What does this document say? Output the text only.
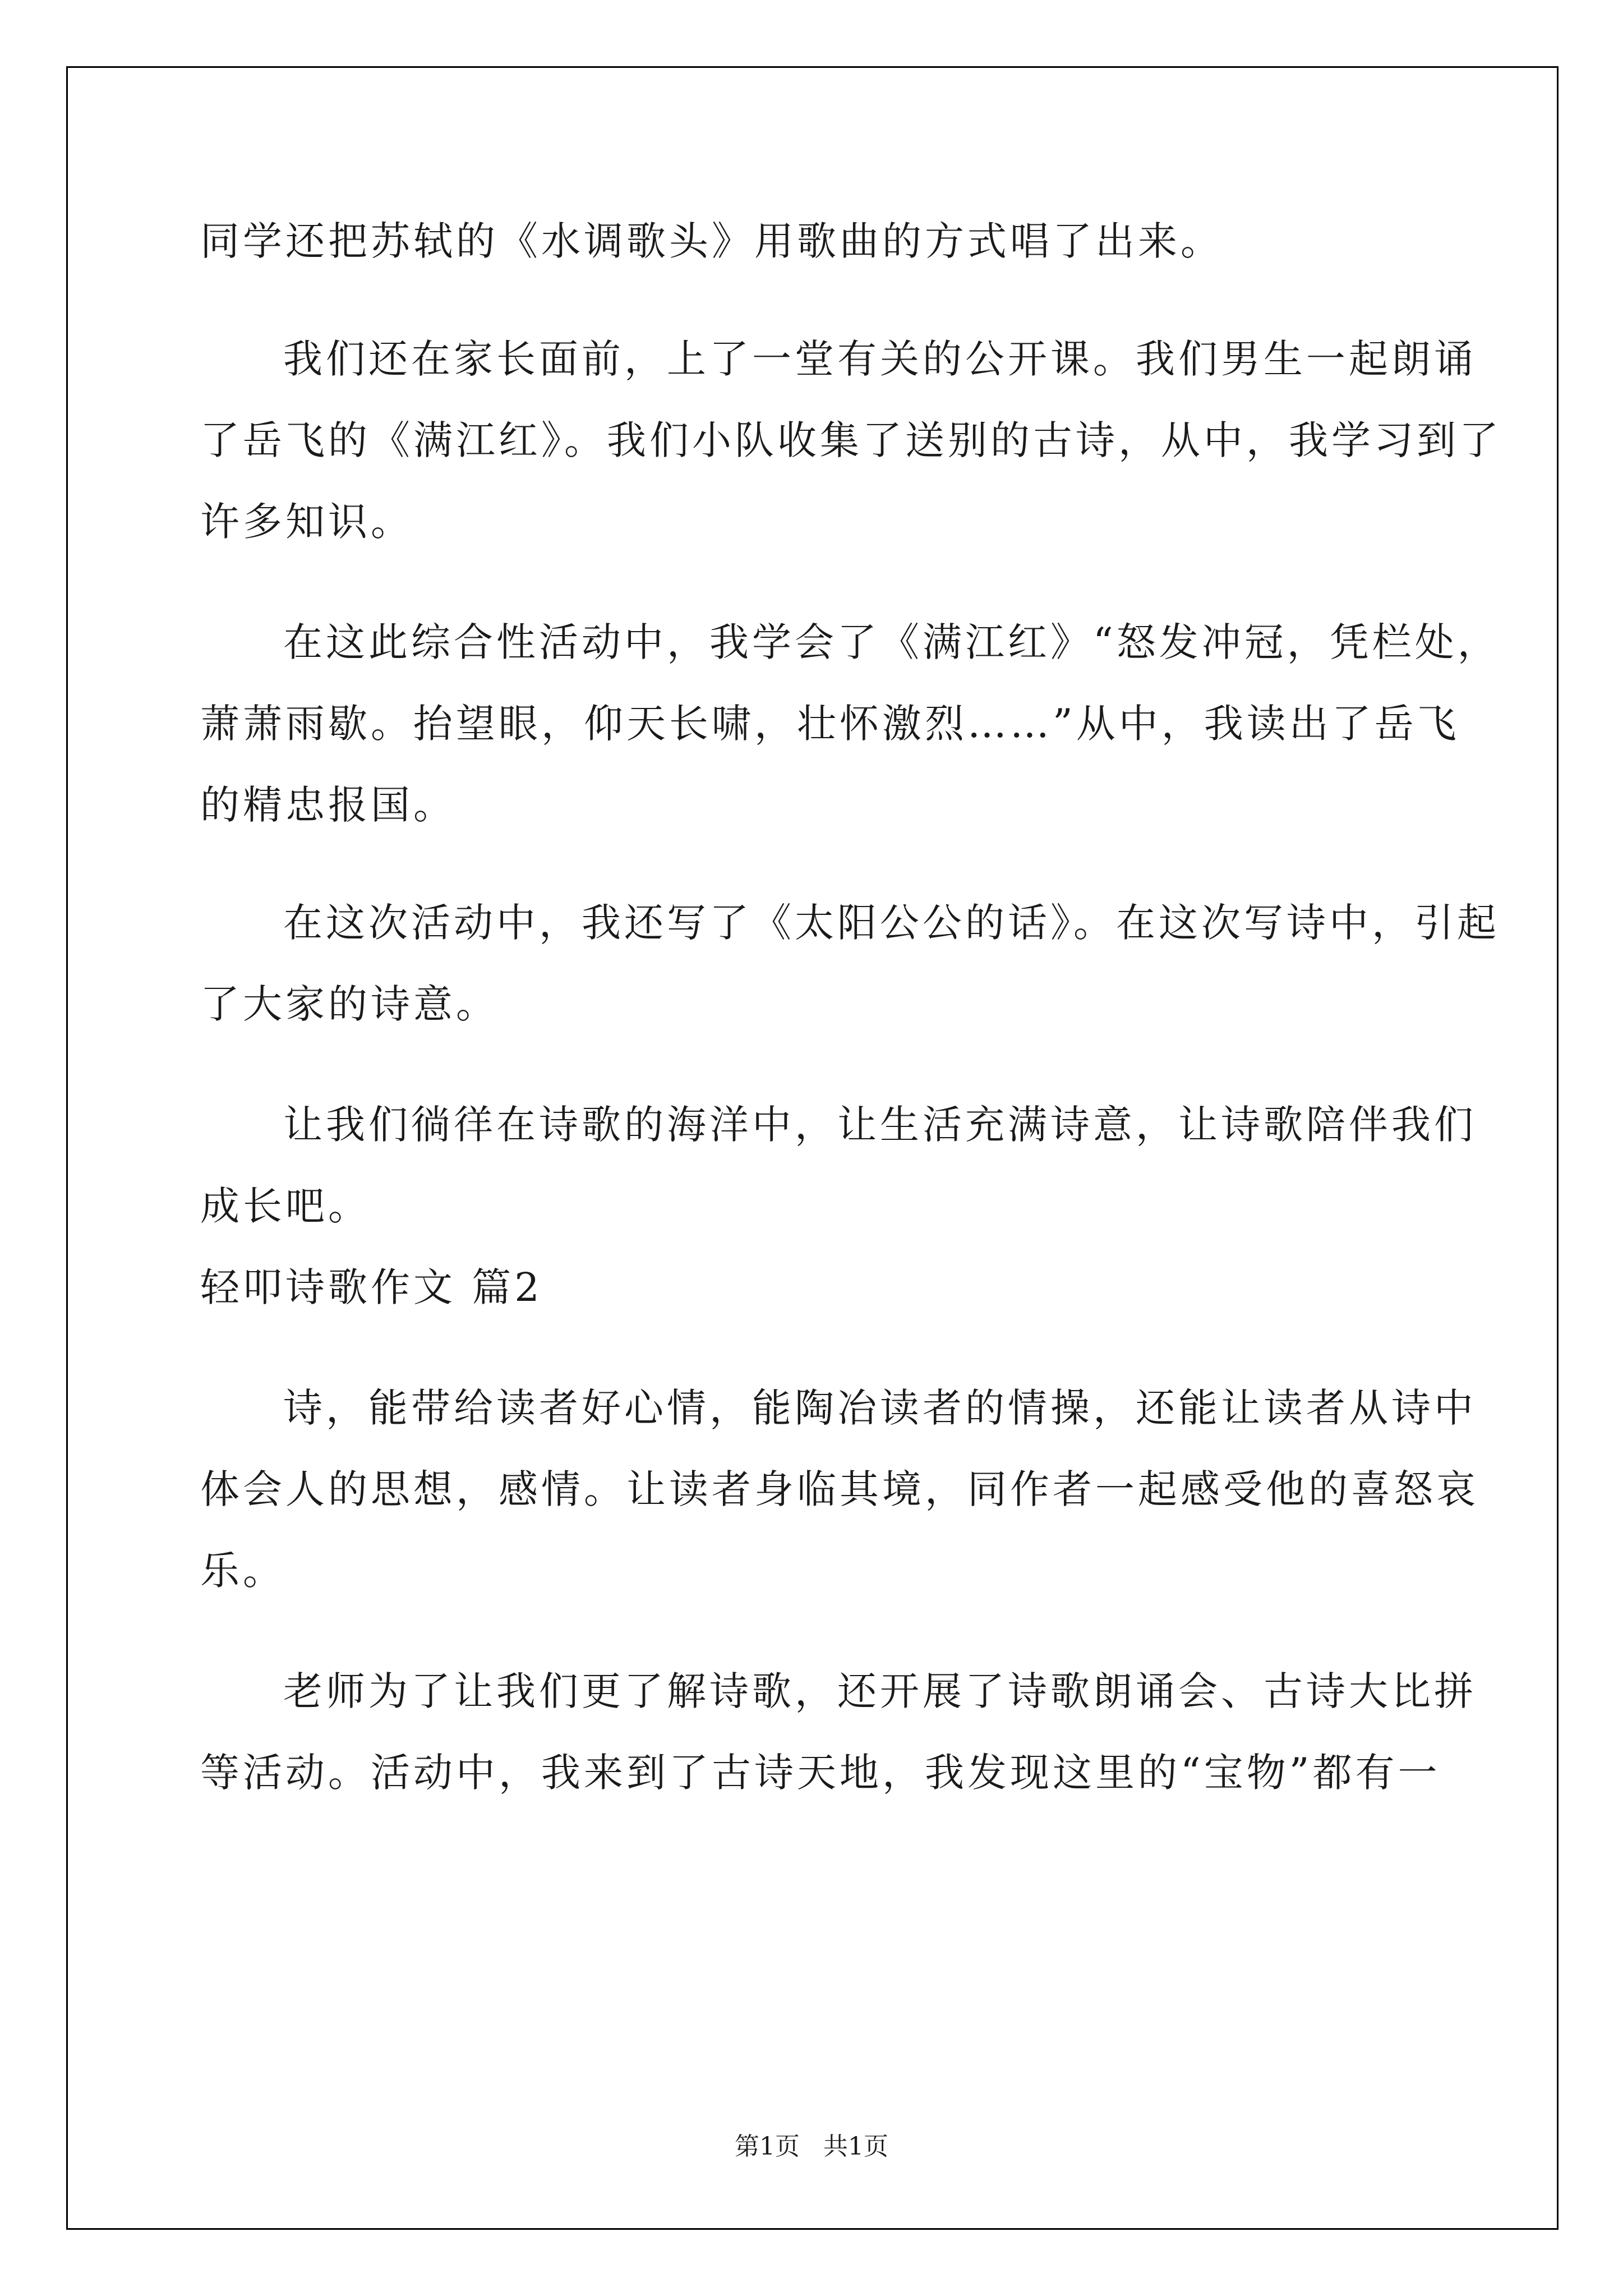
同学还把苏轼的《水调歌头》用歌曲的方式唱了出来。
我们还在家长面前，上了一堂有关的公开课。我们男生一起朗诵
了岳飞的《满江红》。我们小队收集了送别的古诗，从中，我学习到了
许多知识。
在这此综合性活动中，我学会了《满江红》“怒发冲冠，凭栏处，
萧萧雨歇。抬望眼，仰天长啸，壮怀激烈……”从中，我读出了岳飞
的精忠报国。
在这次活动中，我还写了《太阳公公的话》。在这次写诗中，引起
了大家的诗意。
让我们徜徉在诗歌的海洋中，让生活充满诗意，让诗歌陪伴我们
成长吧。
轻叩诗歌作文 篇2
诗，能带给读者好心情，能陶冶读者的情操，还能让读者从诗中
体会人的思想，感情。让读者身临其境，同作者一起感受他的喜怒哀
乐。
老师为了让我们更了解诗歌，还开展了诗歌朗诵会、古诗大比拼
等活动。活动中，我来到了古诗天地，我发现这里的“宝物”都有一
第1页 共1页
